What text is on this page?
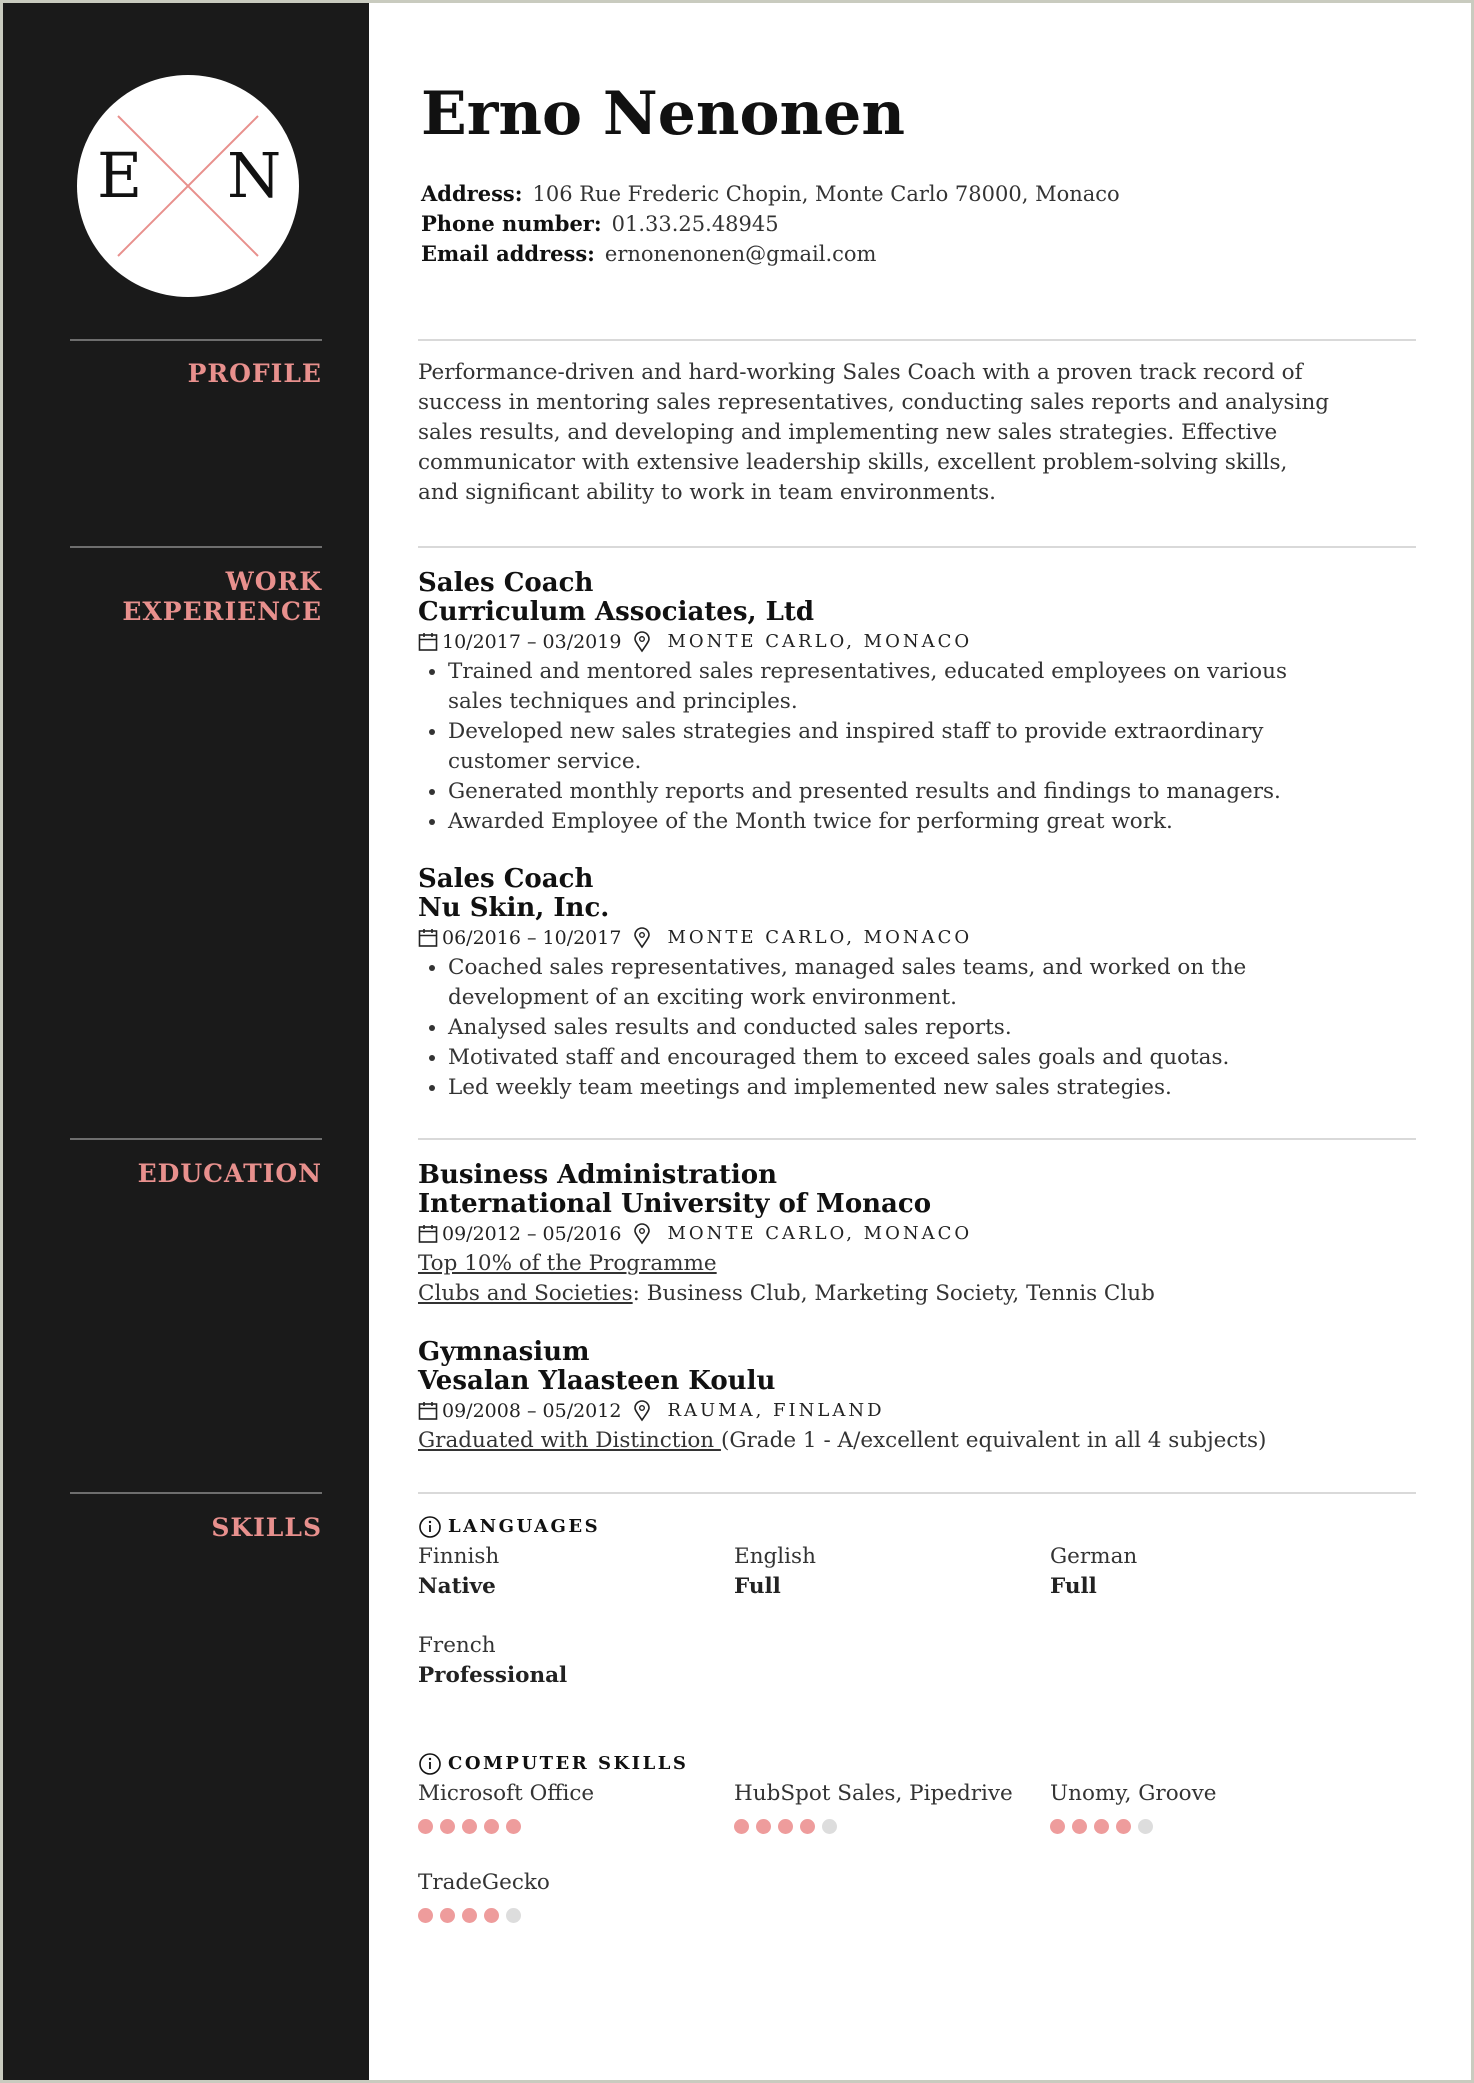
E N
PROFILE
WORK
EXPERIENCE
EDUCATION
SKILLS
Erno Nenonen
Address: 106 Rue Frederic Chopin, Monte Carlo 78000, Monaco
Phone number: 01.33.25.48945
Email address: ernonenonen@gmail.com
Performance-driven and hard-working Sales Coach with a proven track record of
success in mentoring sales representatives, conducting sales reports and analysing
sales results, and developing and implementing new sales strategies. Effective
communicator with extensive leadership skills, excellent problem-solving skills,
and significant ability to work in team environments.
Sales Coach
Curriculum Associates, Ltd
10/2017 – 03/2019	MONTE CARLO, MONACO
• Trained and mentored sales representatives, educated employees on various
sales techniques and principles.
• Developed new sales strategies and inspired staff to provide extraordinary
customer service.
• Generated monthly reports and presented results and findings to managers.
• Awarded Employee of the Month twice for performing great work.
Sales Coach
Nu Skin, Inc.
06/2016 – 10/2017	MONTE CARLO, MONACO
• Coached sales representatives, managed sales teams, and worked on the
development of an exciting work environment.
• Analysed sales results and conducted sales reports.
• Motivated staff and encouraged them to exceed sales goals and quotas.
• Led weekly team meetings and implemented new sales strategies.
Business Administration
International University of Monaco
09/2012 – 05/2016	MONTE CARLO, MONACO
Top 10% of the Programme
Clubs and Societies: Business Club, Marketing Society, Tennis Club
Gymnasium
Vesalan Ylaasteen Koulu
09/2008 – 05/2012	RAUMA, FINLAND
Graduated with Distinction (Grade 1 - A/excellent equivalent in all 4 subjects)
LANGUAGES
Finnish
Native
English
Full
German
Full
French
Professional
COMPUTER SKILLS
Microsoft Office	HubSpot Sales, Pipedrive	Unomy, Groove
TradeGecko
